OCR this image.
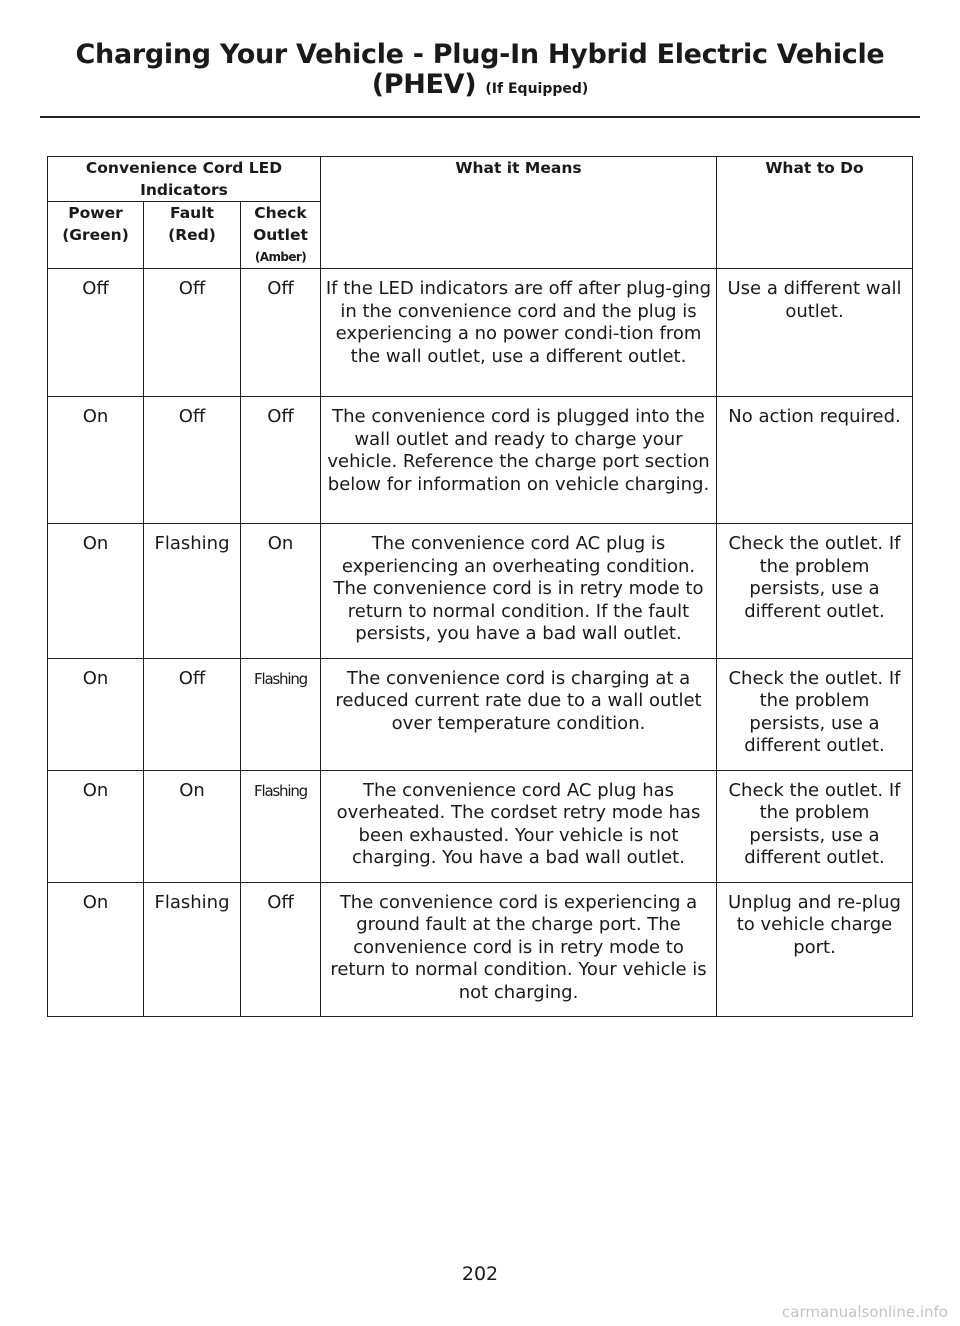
Charging Your Vehicle - Plug-In Hybrid Electric Vehicle
(PHEV) (If Equipped)
Convenience Cord LED Indicators			What it Means	What to Do
Power (Green)	Fault (Red)	Check Outlet
(Amber)		

Off	Off	Off	If the LED indicators are off after plug-ging in the convenience cord and the plug is experiencing a no power condi-tion from the wall outlet, use a different outlet.	Use a different wall outlet.
On	Off	Off	The convenience cord is plugged into the wall outlet and ready to charge your vehicle. Reference the charge port section below for information on vehicle charging.	No action required.
On	Flashing	On	The convenience cord AC plug is experiencing an overheating condition. The convenience cord is in retry mode to return to normal condition. If the fault persists, you have a bad wall outlet.	Check the outlet. If the problem persists, use a different outlet.
On	Off	Flashing	The convenience cord is charging at a reduced current rate due to a wall outlet over temperature condition.	Check the outlet. If the problem persists, use a different outlet.
On	On	Flashing	The convenience cord AC plug has overheated. The cordset retry mode has been exhausted. Your vehicle is not charging. You have a bad wall outlet.	Check the outlet. If the problem persists, use a different outlet.
On	Flashing	Off	The convenience cord is experiencing a ground fault at the charge port. The convenience cord is in retry mode to return to normal condition. Your vehicle is not charging.	Unplug and re-plug to vehicle charge port.
202
carmanualsonline.info
